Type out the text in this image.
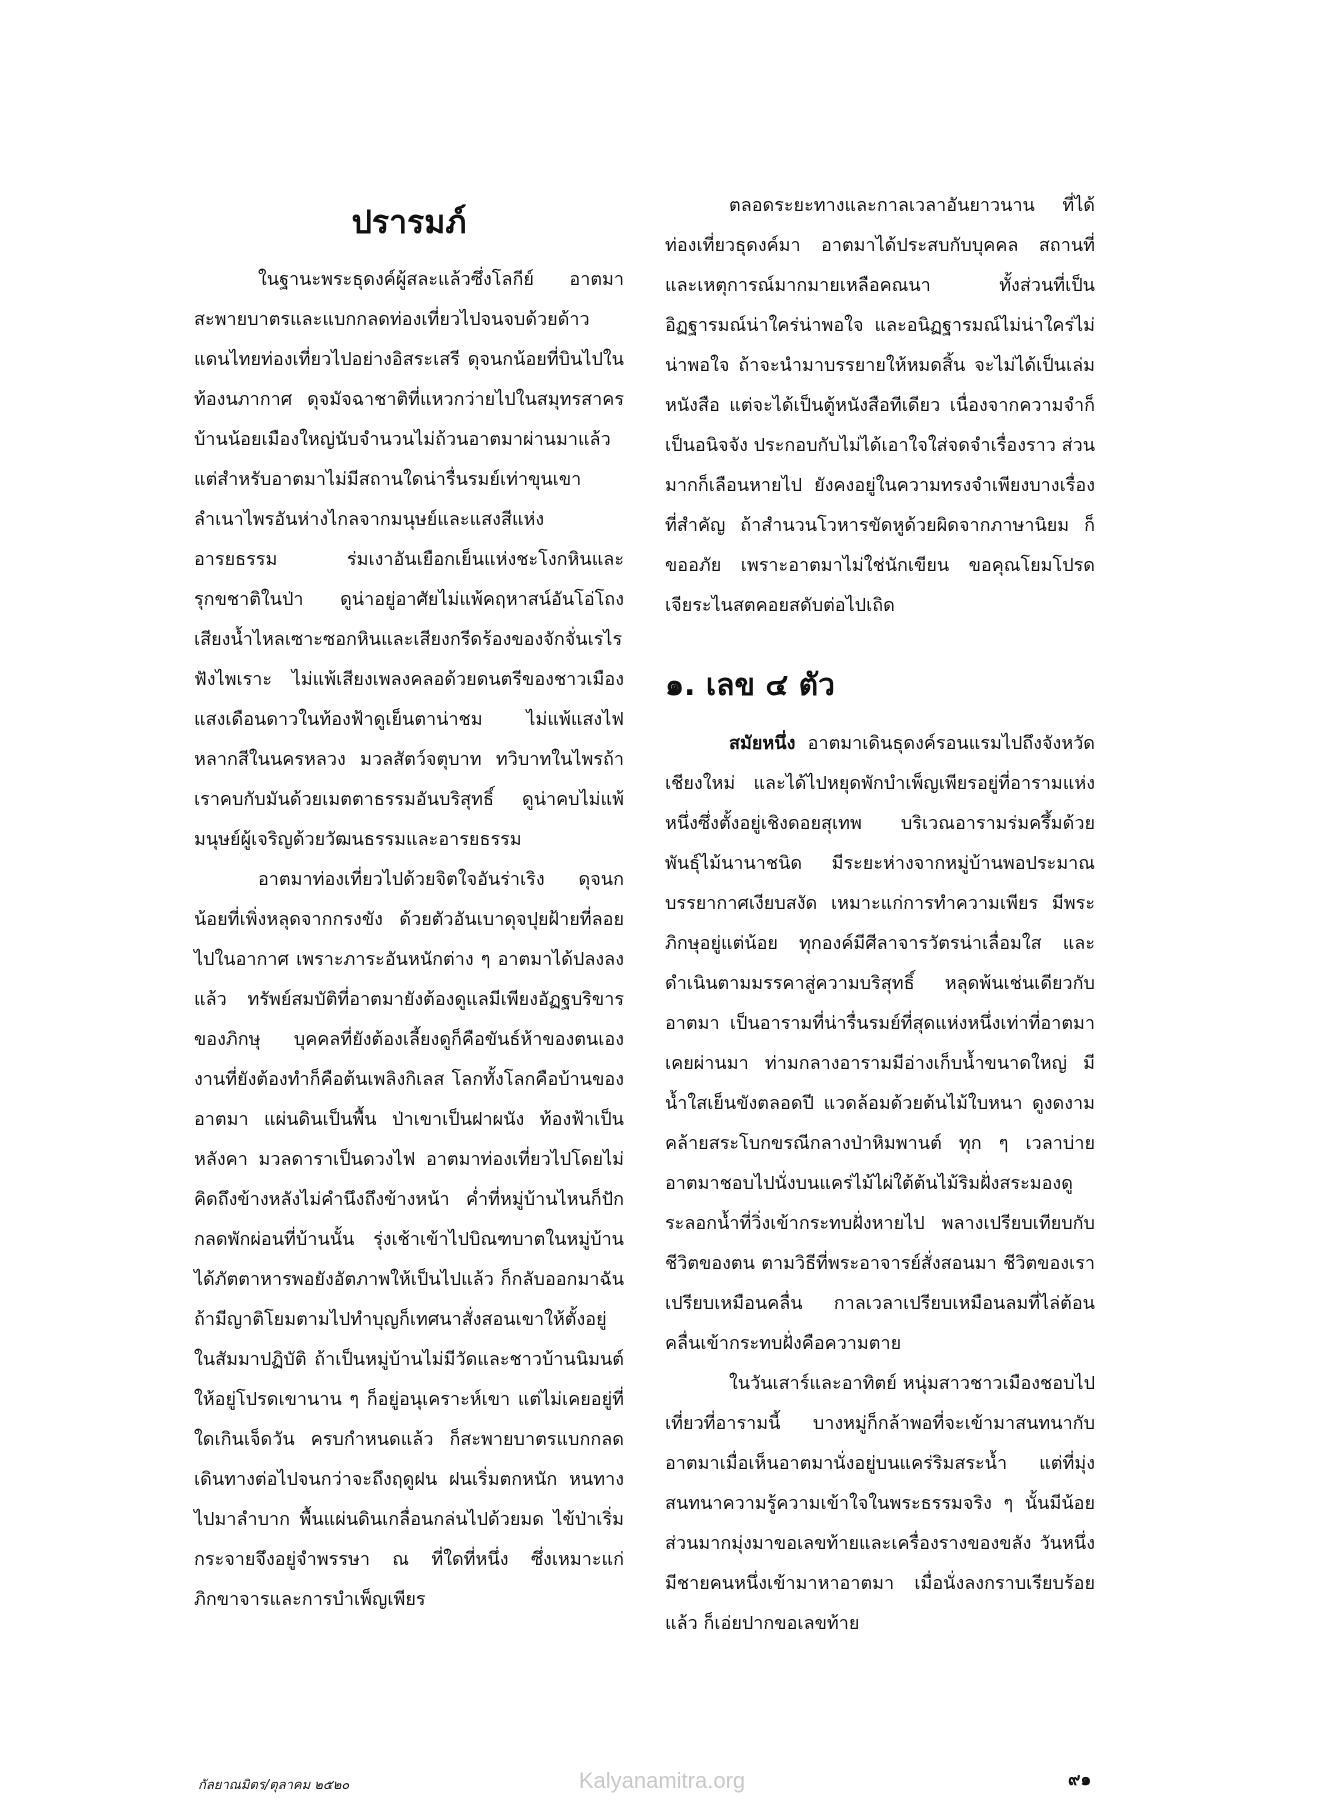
ปรารมภ์

ในฐานะพระธุดงค์ผู้สละแล้วซึ่งโลกีย์ อาตมาสะพายบาตรและแบกกลดท่องเที่ยวไปจนจบด้วยด้าวแดนไทยท่องเที่ยวไปอย่างอิสระเสรี ดุจนกน้อยที่บินไปในท้องนภากาศ ดุจมัจฉาชาติที่แหวกว่ายไปในสมุทรสาคร บ้านน้อยเมืองใหญ่นับจำนวนไม่ถ้วนอาตมาผ่านมาแล้ว แต่สำหรับอาตมาไม่มีสถานใดน่ารื่นรมย์เท่าขุนเขาลำเนาไพรอันห่างไกลจากมนุษย์และแสงสีแห่งอารยธรรม ร่มเงาอันเยือกเย็นแห่งชะโงกหินและรุกขชาติในป่า ดูน่าอยู่อาศัยไม่แพ้คฤหาสน์อันโอ่โถง เสียงน้ำไหลเซาะซอกหินและเสียงกรีดร้องของจักจั่นเรไรฟังไพเราะ ไม่แพ้เสียงเพลงคลอด้วยดนตรีของชาวเมือง แสงเดือนดาวในท้องฟ้าดูเย็นตาน่าชม ไม่แพ้แสงไฟหลากสีในนครหลวง มวลสัตว์จตุบาท ทวิบาทในไพรถ้าเราคบกับมันด้วยเมตตาธรรมอันบริสุทธิ์ ดูน่าคบไม่แพ้มนุษย์ผู้เจริญด้วยวัฒนธรรมและอารยธรรม

อาตมาท่องเที่ยวไปด้วยจิตใจอันร่าเริง ดุจนกน้อยที่เพิ่งหลุดจากกรงขัง ด้วยตัวอันเบาดุจปุยฝ้ายที่ลอยไปในอากาศ เพราะภาระอันหนักต่าง ๆ อาตมาได้ปลงลงแล้ว ทรัพย์สมบัติที่อาตมายังต้องดูแลมีเพียงอัฏฐบริขารของภิกษุ บุคคลที่ยังต้องเลี้ยงดูก็คือขันธ์ห้าของตนเอง งานที่ยังต้องทำก็คือต้นเพลิงกิเลส โลกทั้งโลกคือบ้านของอาตมา แผ่นดินเป็นพื้น ป่าเขาเป็นฝาผนัง ท้องฟ้าเป็นหลังคา มวลดาราเป็นดวงไฟ อาตมาท่องเที่ยวไปโดยไม่คิดถึงข้างหลังไม่คำนึงถึงข้างหน้า ค่ำที่หมู่บ้านไหนก็ปักกลดพักผ่อนที่บ้านนั้น รุ่งเช้าเข้าไปบิณฑบาตในหมู่บ้าน ได้ภัตตาหารพอยังอัตภาพให้เป็นไปแล้ว ก็กลับออกมาฉัน ถ้ามีญาติโยมตามไปทำบุญก็เทศนาสั่งสอนเขาให้ตั้งอยู่ในสัมมาปฏิบัติ ถ้าเป็นหมู่บ้านไม่มีวัดและชาวบ้านนิมนต์ให้อยู่โปรดเขานาน ๆ ก็อยู่อนุเคราะห์เขา แต่ไม่เคยอยู่ที่ใดเกินเจ็ดวัน ครบกำหนดแล้ว ก็สะพายบาตรแบกกลดเดินทางต่อไปจนกว่าจะถึงฤดูฝน ฝนเริ่มตกหนัก หนทางไปมาลำบาก พื้นแผ่นดินเกลื่อนกล่นไปด้วยมด ไข้ป่าเริ่มกระจายจึงอยู่จำพรรษา ณ ที่ใดที่หนึ่ง ซึ่งเหมาะแก่ภิกขาจารและการบำเพ็ญเพียร

ตลอดระยะทางและกาลเวลาอันยาวนาน ที่ได้ท่องเที่ยวธุดงค์มา อาตมาได้ประสบกับบุคคล สถานที่และเหตุการณ์มากมายเหลือคณนา ทั้งส่วนที่เป็นอิฏฐารมณ์น่าใคร่น่าพอใจ และอนิฏฐารมณ์ไม่น่าใคร่ไม่น่าพอใจ ถ้าจะนำมาบรรยายให้หมดสิ้น จะไม่ได้เป็นเล่มหนังสือ แต่จะได้เป็นตู้หนังสือทีเดียว เนื่องจากความจำก็เป็นอนิจจัง ประกอบกับไม่ได้เอาใจใส่จดจำเรื่องราว ส่วนมากก็เลือนหายไป ยังคงอยู่ในความทรงจำเพียงบางเรื่องที่สำคัญ ถ้าสำนวนโวหารขัดหูด้วยผิดจากภาษานิยม ก็ขออภัย เพราะอาตมาไม่ใช่นักเขียน ขอคุณโยมโปรดเจียระไนสตคอยสดับต่อไปเถิด

๑. เลข ๔ ตัว

สมัยหนึ่ง อาตมาเดินธุดงค์รอนแรมไปถึงจังหวัดเชียงใหม่ และได้ไปหยุดพักบำเพ็ญเพียรอยู่ที่อารามแห่งหนึ่งซึ่งตั้งอยู่เชิงดอยสุเทพ บริเวณอารามร่มครึ้มด้วยพันธุ์ไม้นานาชนิด มีระยะห่างจากหมู่บ้านพอประมาณ บรรยากาศเงียบสงัด เหมาะแก่การทำความเพียร มีพระภิกษุอยู่แต่น้อย ทุกองค์มีศีลาจารวัตรน่าเลื่อมใส และดำเนินตามมรรคาสู่ความบริสุทธิ์ หลุดพ้นเช่นเดียวกับอาตมา เป็นอารามที่น่ารื่นรมย์ที่สุดแห่งหนึ่งเท่าที่อาตมาเคยผ่านมา ท่ามกลางอารามมีอ่างเก็บน้ำขนาดใหญ่ มีน้ำใสเย็นขังตลอดปี แวดล้อมด้วยต้นไม้ใบหนา ดูงดงามคล้ายสระโบกขรณีกลางป่าหิมพานต์ ทุก ๆ เวลาบ่าย อาตมาชอบไปนั่งบนแคร่ไม้ไผ่ใต้ต้นไม้ริมฝั่งสระมองดูระลอกน้ำที่วิ่งเข้ากระทบฝั่งหายไป พลางเปรียบเทียบกับชีวิตของตน ตามวิธีที่พระอาจารย์สั่งสอนมา ชีวิตของเราเปรียบเหมือนคลื่น กาลเวลาเปรียบเหมือนลมที่ไล่ต้อนคลื่นเข้ากระทบฝั่งคือความตาย

ในวันเสาร์และอาทิตย์ หนุ่มสาวชาวเมืองชอบไปเที่ยวที่อารามนี้ บางหมู่ก็กล้าพอที่จะเข้ามาสนทนากับอาตมาเมื่อเห็นอาตมานั่งอยู่บนแคร่ริมสระน้ำ แต่ที่มุ่งสนทนาความรู้ความเข้าใจในพระธรรมจริง ๆ นั้นมีน้อย ส่วนมากมุ่งมาขอเลขท้ายและเครื่องรางของขลัง วันหนึ่งมีชายคนหนึ่งเข้ามาหาอาตมา เมื่อนั่งลงกราบเรียบร้อยแล้ว ก็เอ่ยปากขอเลขท้าย

กัลยาณมิตร/ตุลาคม ๒๕๒๐	๙๑
Kalyanamitra.org
